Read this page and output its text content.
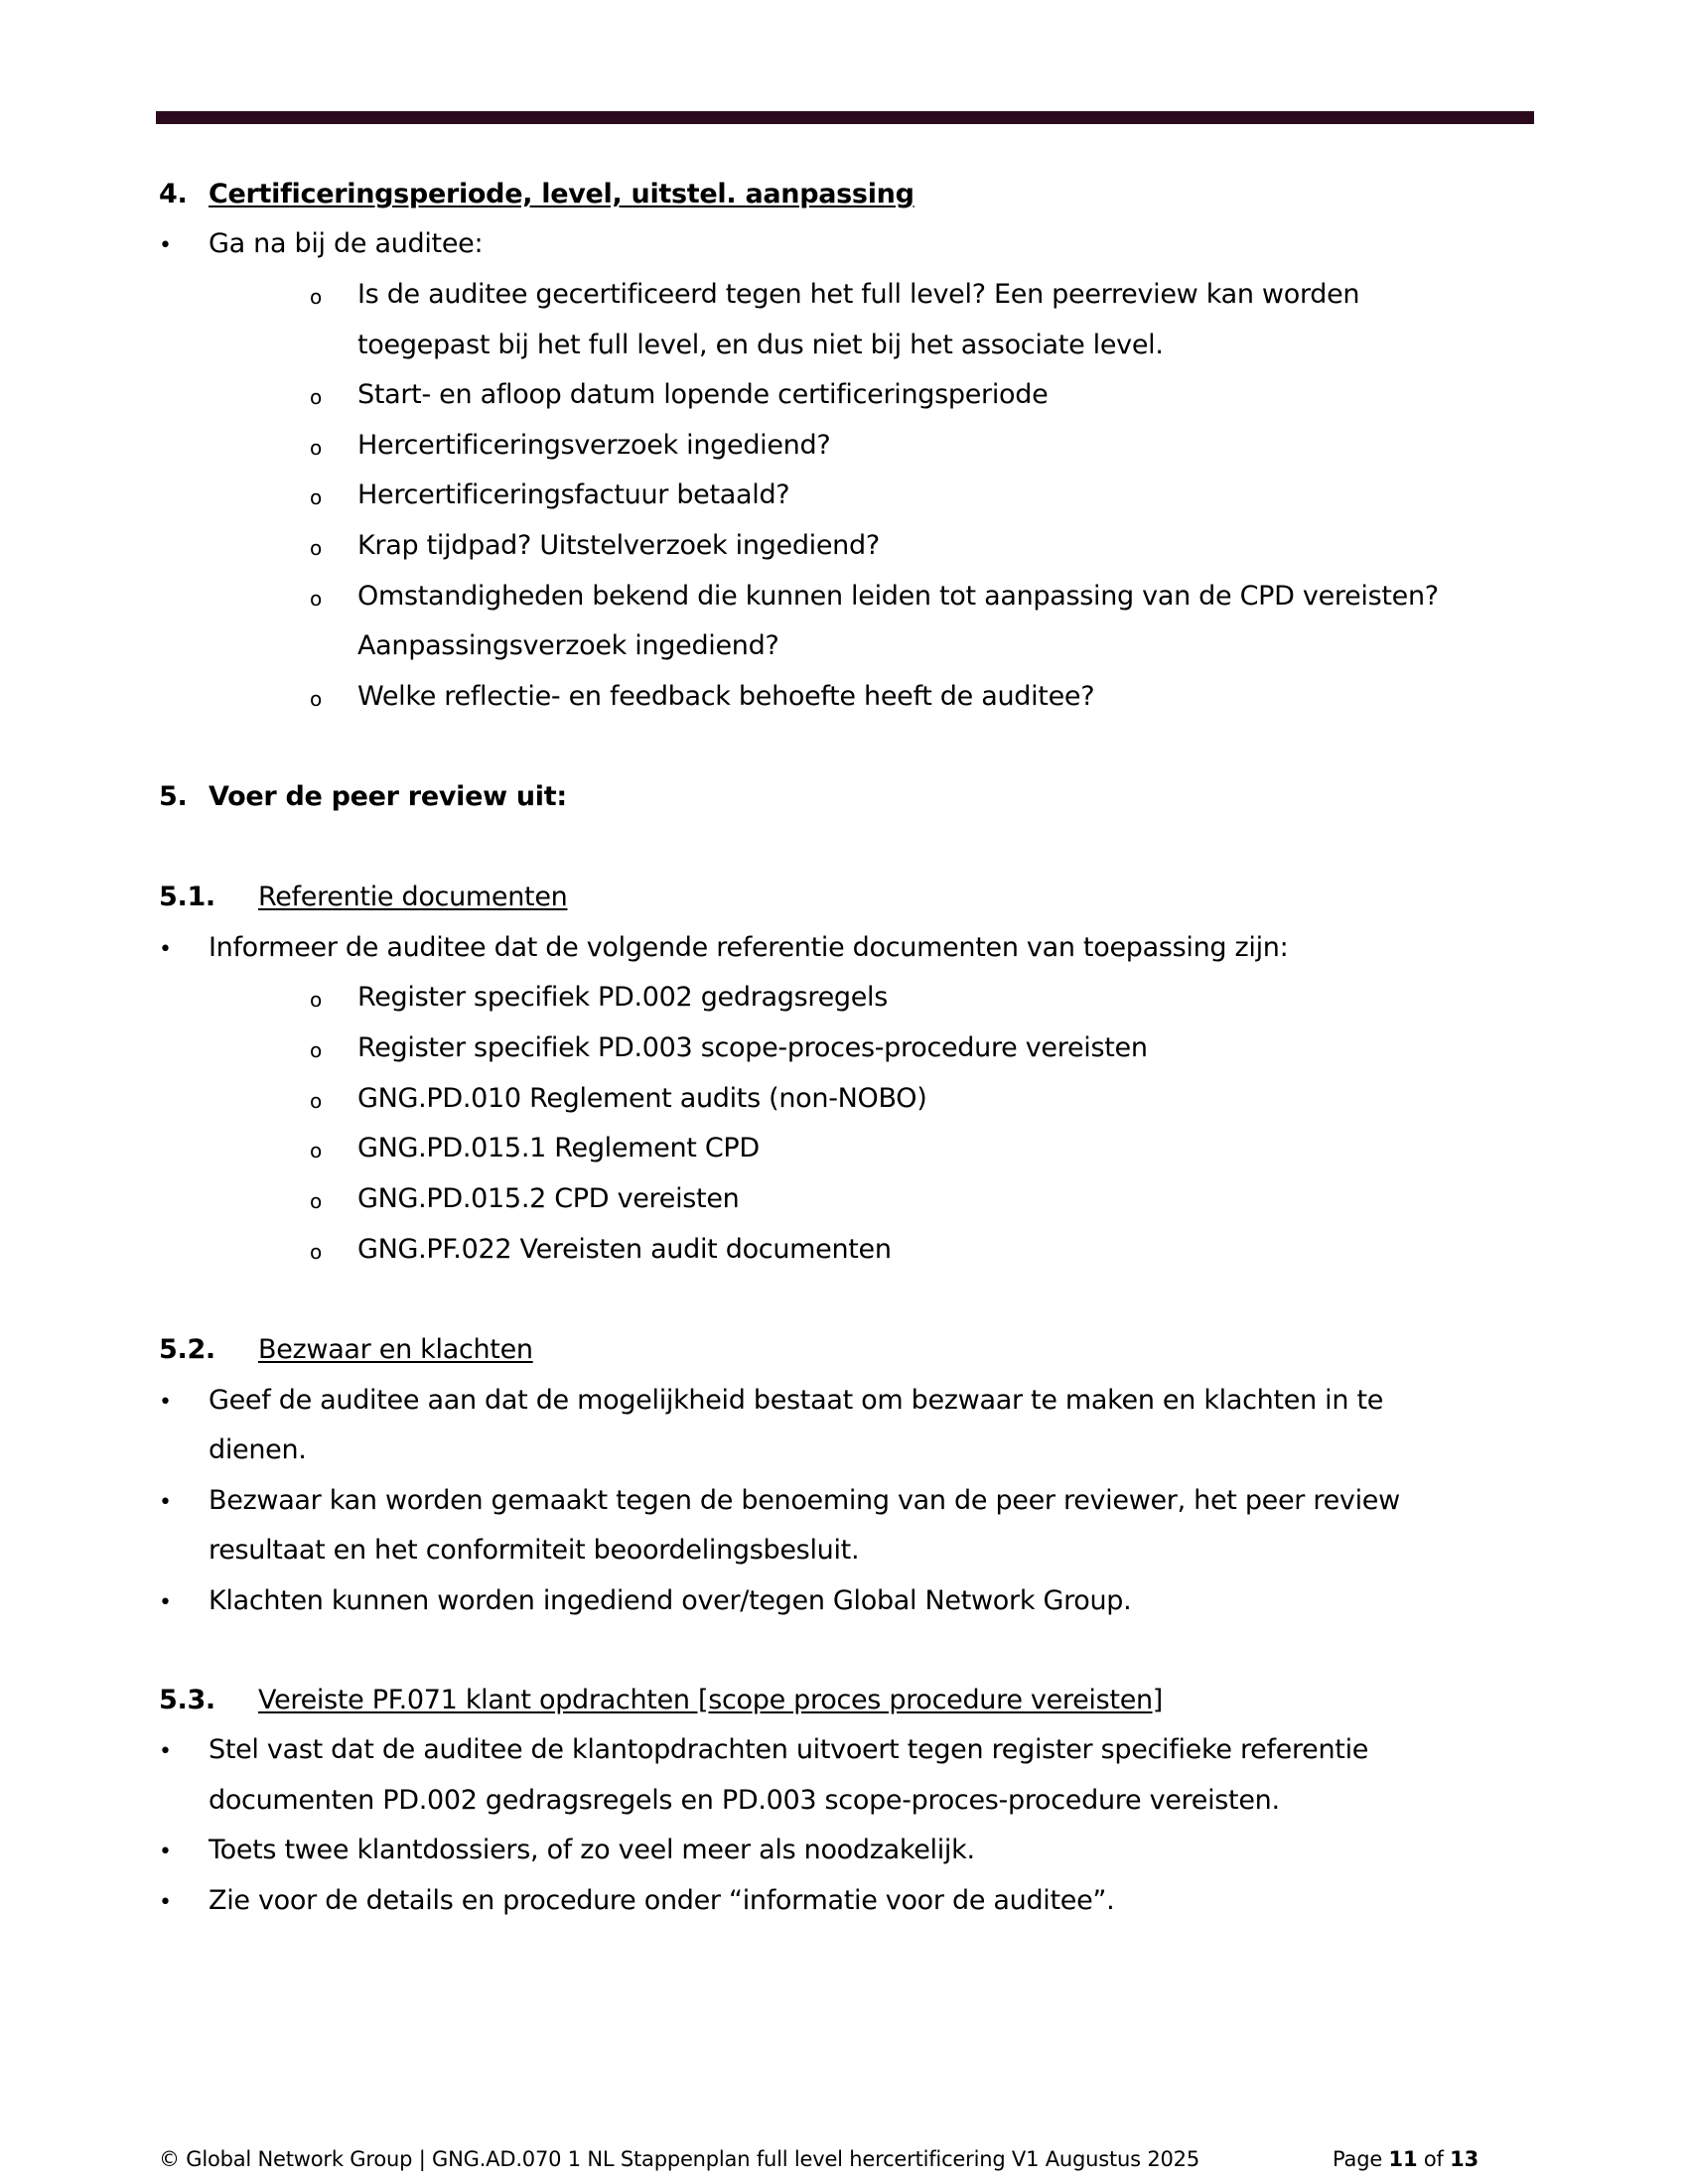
4. Certificeringsperiode, level, uitstel. aanpassing
• Ga na bij de auditee:
o Is de auditee gecertificeerd tegen het full level? Een peerreview kan worden
toegepast bij het full level, en dus niet bij het associate level.
o Start- en afloop datum lopende certificeringsperiode
o Hercertificeringsverzoek ingediend?
o Hercertificeringsfactuur betaald?
o Krap tijdpad? Uitstelverzoek ingediend?
o Omstandigheden bekend die kunnen leiden tot aanpassing van de CPD vereisten?
Aanpassingsverzoek ingediend?
o Welke reflectie- en feedback behoefte heeft de auditee?
5. Voer de peer review uit:
5.1. Referentie documenten
• Informeer de auditee dat de volgende referentie documenten van toepassing zijn:
o Register specifiek PD.002 gedragsregels
o Register specifiek PD.003 scope-proces-procedure vereisten
o GNG.PD.010 Reglement audits (non-NOBO)
o GNG.PD.015.1 Reglement CPD
o GNG.PD.015.2 CPD vereisten
o GNG.PF.022 Vereisten audit documenten
5.2. Bezwaar en klachten
• Geef de auditee aan dat de mogelijkheid bestaat om bezwaar te maken en klachten in te
dienen.
• Bezwaar kan worden gemaakt tegen de benoeming van de peer reviewer, het peer review
resultaat en het conformiteit beoordelingsbesluit.
• Klachten kunnen worden ingediend over/tegen Global Network Group.
5.3. Vereiste PF.071 klant opdrachten [scope proces procedure vereisten]
• Stel vast dat de auditee de klantopdrachten uitvoert tegen register specifieke referentie
documenten PD.002 gedragsregels en PD.003 scope-proces-procedure vereisten.
• Toets twee klantdossiers, of zo veel meer als noodzakelijk.
• Zie voor de details en procedure onder “informatie voor de auditee”.
© Global Network Group | GNG.AD.070 1 NL Stappenplan full level hercertificering V1 Augustus 2025	Page 11 of 13
